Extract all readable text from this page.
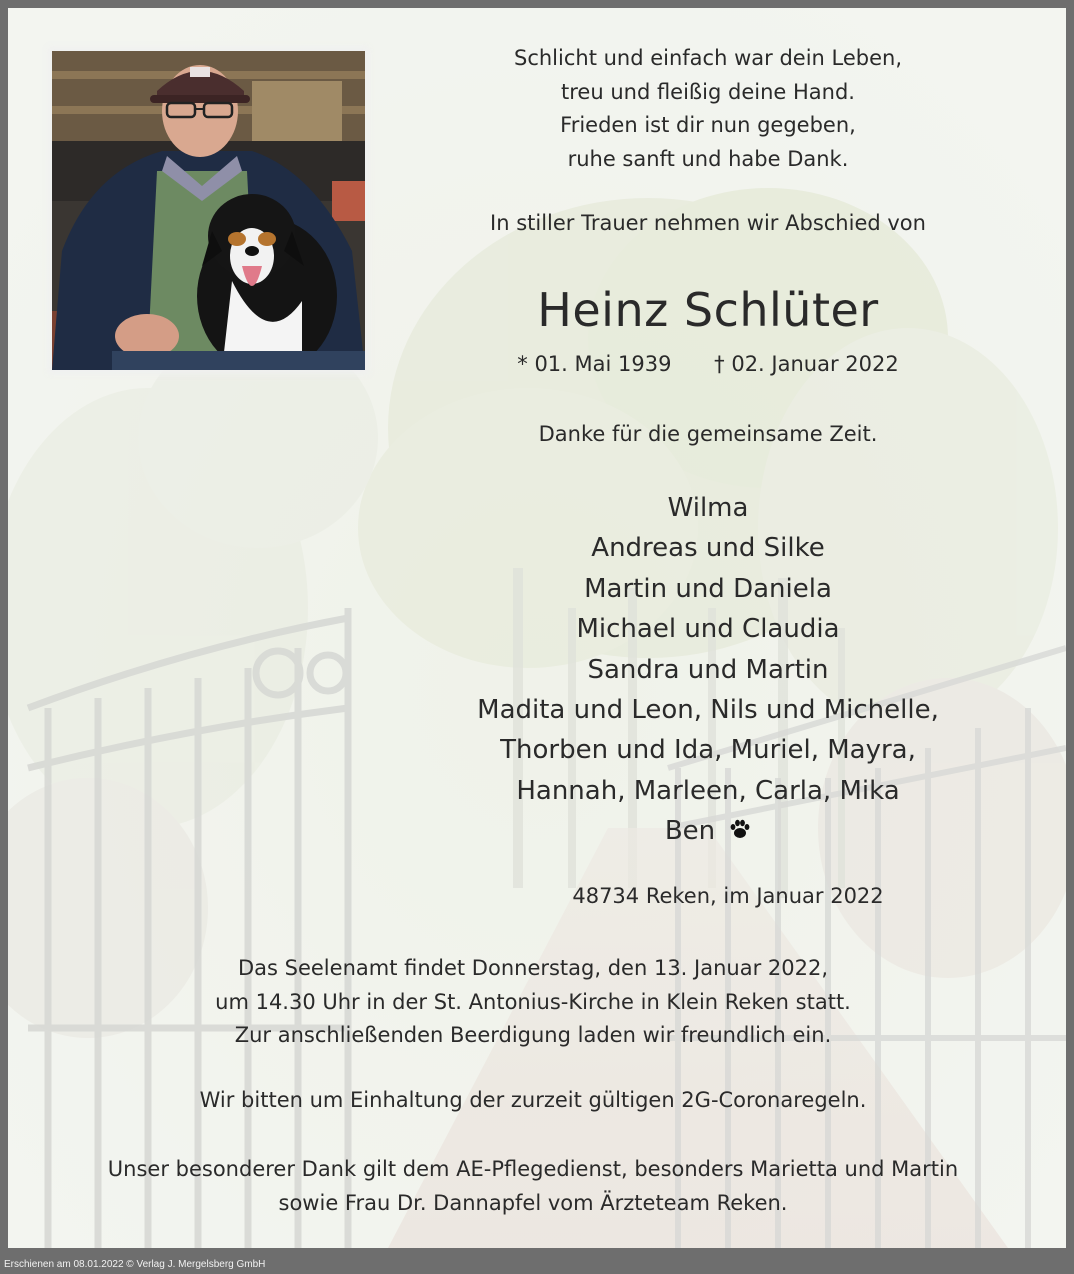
Schlicht und einfach war dein Leben,
treu und fleißig deine Hand.
Frieden ist dir nun gegeben,
ruhe sanft und habe Dank.
In stiller Trauer nehmen wir Abschied von
Heinz Schlüter
* 01. Mai 1939 † 02. Januar 2022
Danke für die gemeinsame Zeit.
Wilma
Andreas und Silke
Martin und Daniela
Michael und Claudia
Sandra und Martin
Madita und Leon, Nils und Michelle,
Thorben und Ida, Muriel, Mayra,
Hannah, Marleen, Carla, Mika
Ben
48734 Reken, im Januar 2022
Das Seelenamt findet Donnerstag, den 13. Januar 2022,
um 14.30 Uhr in der St. Antonius-Kirche in Klein Reken statt.
Zur anschließenden Beerdigung laden wir freundlich ein.
Wir bitten um Einhaltung der zurzeit gültigen 2G-Coronaregeln.
Unser besonderer Dank gilt dem AE-Pflegedienst, besonders Marietta und Martin
sowie Frau Dr. Dannapfel vom Ärzteteam Reken.
Erschienen am 08.01.2022 © Verlag J. Mergelsberg GmbH
